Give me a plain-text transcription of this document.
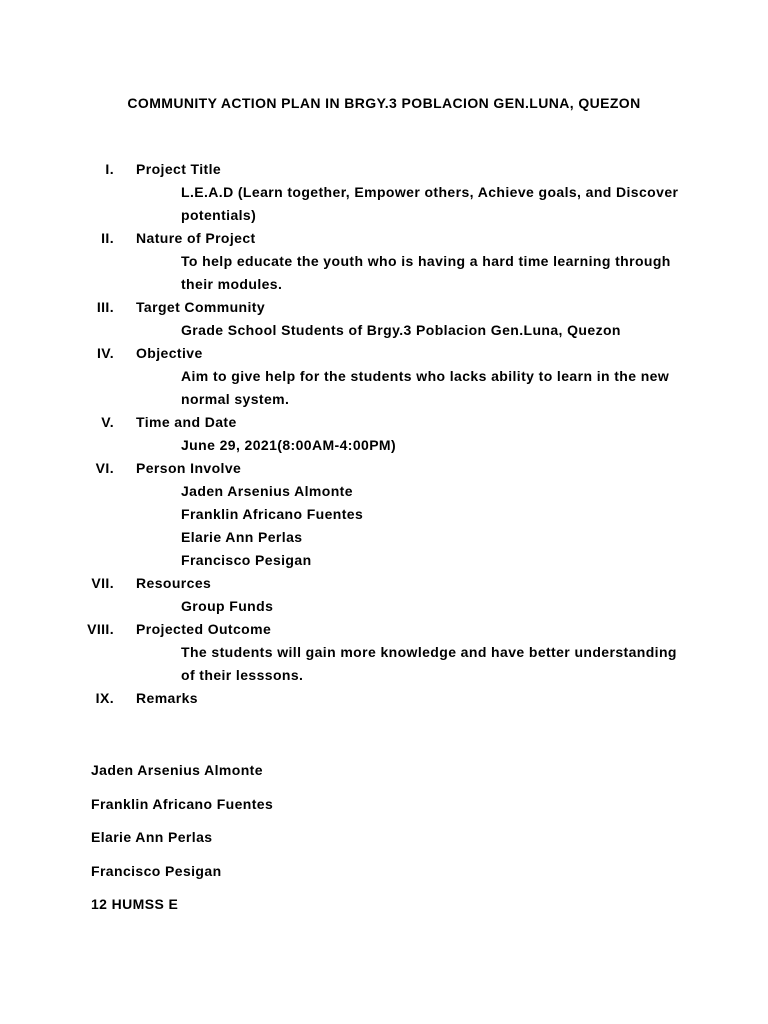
COMMUNITY ACTION PLAN IN BRGY.3 POBLACION GEN.LUNA, QUEZON
I. Project Title
L.E.A.D (Learn together, Empower others, Achieve goals, and Discover potentials)
II. Nature of Project
To help educate the youth who is having a hard time learning through their modules.
III. Target Community
Grade School Students of Brgy.3 Poblacion Gen.Luna, Quezon
IV. Objective
Aim to give help for the students who lacks ability to learn in the new normal system.
V. Time and Date
June 29, 2021(8:00AM-4:00PM)
VI. Person Involve
Jaden Arsenius Almonte
Franklin Africano Fuentes
Elarie Ann Perlas
Francisco Pesigan
VII. Resources
Group Funds
VIII. Projected Outcome
The students will gain more knowledge and have better understanding of their lesssons.
IX. Remarks
Jaden Arsenius Almonte
Franklin Africano Fuentes
Elarie Ann Perlas
Francisco Pesigan
12 HUMSS E
